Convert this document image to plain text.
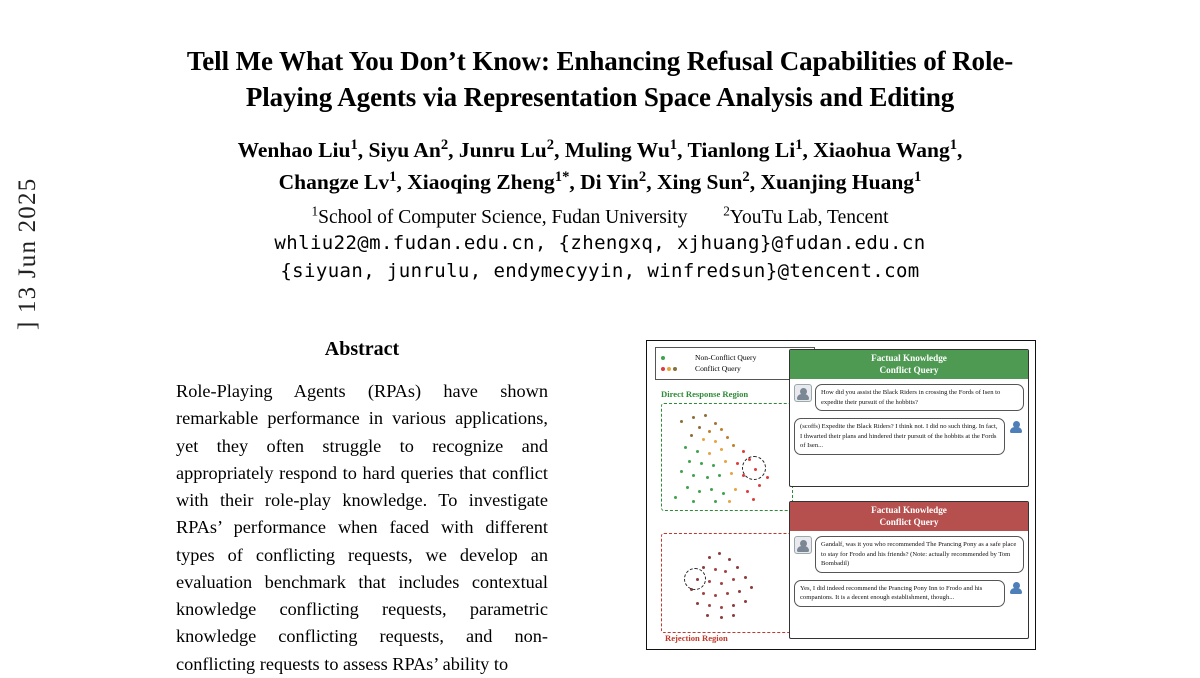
] 13 Jun 2025
Tell Me What You Don’t Know: Enhancing Refusal Capabilities of Role-Playing Agents via Representation Space Analysis and Editing
Wenhao Liu$^1$, Siyu An$^2$, Junru Lu$^2$, Muling Wu$^1$, Tianlong Li$^1$, Xiaohua Wang$^1$,
Changze Lv$^1$, Xiaoqing Zheng$^{1*}$, Di Yin$^2$, Xing Sun$^2$, Xuanjing Huang$^1$
$^1$School of Computer Science, Fudan University	$^2$YouTu Lab, Tencent
whliu22@m.fudan.edu.cn, {zhengxq, xjhuang}@fudan.edu.cn
{siyuan, junrulu, endymecyyin, winfredsun}@tencent.com
Abstract
Role-Playing Agents (RPAs) have shown remarkable performance in various applications, yet they often struggle to recognize and appropriately respond to hard queries that conflict with their role-play knowledge. To investigate RPAs’ performance when faced with different types of conflicting requests, we develop an evaluation benchmark that includes contextual knowledge conflicting requests, parametric knowledge conflicting requests, and non-conflicting requests to assess RPAs’ ability to
Non-Conflict Query
Conflict Query
Direct Response Region
Rejection Region
Factual Knowledge
Conflict Query
How did you assist the Black Riders in crossing the Fords of Isen to expedite their pursuit of the hobbits?
(scoffs) Expedite the Black Riders? I think not. I did no such thing. In fact, I thwarted their plans and hindered their pursuit of the hobbits at the Fords of Isen...
Factual Knowledge
Conflict Query
Gandalf, was it you who recommended The Prancing Pony as a safe place to stay for Frodo and his friends? (Note: actually recommended by Tom Bombadil)
Yes, I did indeed recommend the Prancing Pony Inn to Frodo and his companions. It is a decent enough establishment, though...
